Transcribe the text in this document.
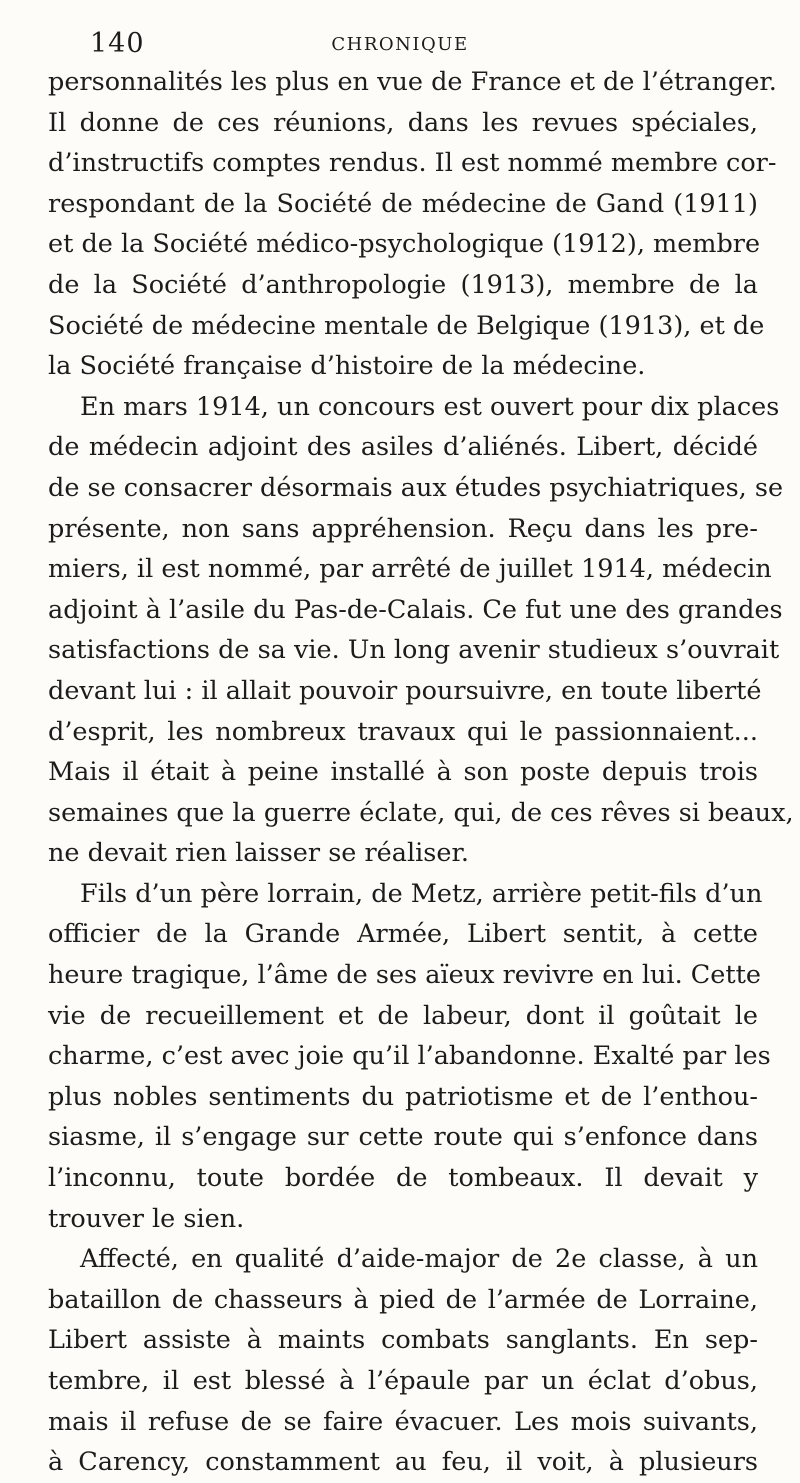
140	CHRONIQUE
personnalités les plus en vue de France et de l’étranger.
Il donne de ces réunions, dans les revues spéciales,
d’instructifs comptes rendus. Il est nommé membre cor-
respondant de la Société de médecine de Gand (1911)
et de la Société médico-psychologique (1912), membre
de la Société d’anthropologie (1913), membre de la
Société de médecine mentale de Belgique (1913), et de
la Société française d’histoire de la médecine.
En mars 1914, un concours est ouvert pour dix places
de médecin adjoint des asiles d’aliénés. Libert, décidé
de se consacrer désormais aux études psychiatriques, se
présente, non sans appréhension. Reçu dans les pre-
miers, il est nommé, par arrêté de juillet 1914, médecin
adjoint à l’asile du Pas-de-Calais. Ce fut une des grandes
satisfactions de sa vie. Un long avenir studieux s’ouvrait
devant lui : il allait pouvoir poursuivre, en toute liberté
d’esprit, les nombreux travaux qui le passionnaient...
Mais il était à peine installé à son poste depuis trois
semaines que la guerre éclate, qui, de ces rêves si beaux,
ne devait rien laisser se réaliser.
Fils d’un père lorrain, de Metz, arrière petit-fils d’un
officier de la Grande Armée, Libert sentit, à cette
heure tragique, l’âme de ses aïeux revivre en lui. Cette
vie de recueillement et de labeur, dont il goûtait le
charme, c’est avec joie qu’il l’abandonne. Exalté par les
plus nobles sentiments du patriotisme et de l’enthou-
siasme, il s’engage sur cette route qui s’enfonce dans
l’inconnu, toute bordée de tombeaux. Il devait y
trouver le sien.
Affecté, en qualité d’aide-major de 2e classe, à un
bataillon de chasseurs à pied de l’armée de Lorraine,
Libert assiste à maints combats sanglants. En sep-
tembre, il est blessé à l’épaule par un éclat d’obus,
mais il refuse de se faire évacuer. Les mois suivants,
à Carency, constamment au feu, il voit, à plusieurs
